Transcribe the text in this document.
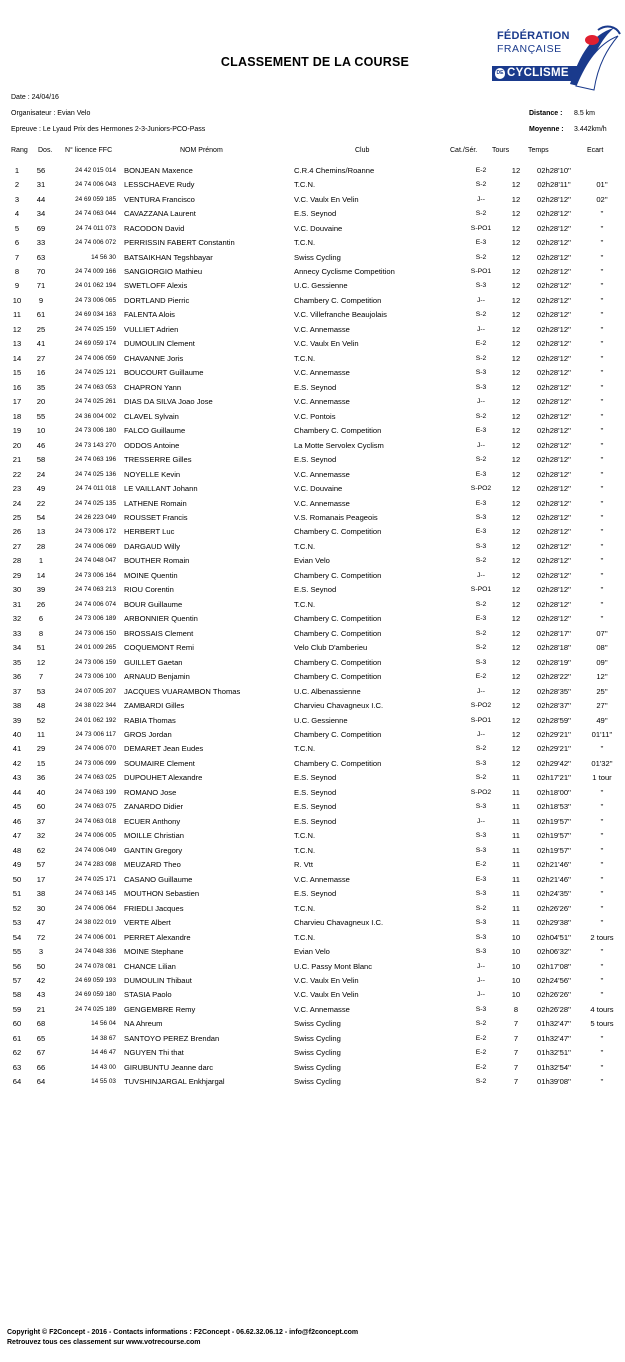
CLASSEMENT DE LA COURSE
FÉDÉRATION
FRANÇAISE
DE CYCLISME
Date : 24/04/16
Organisateur : Evian Velo
Epreuve : Le Lyaud Prix des Hermones 2-3-Juniors-PCO-Pass
Distance : 8.5 km
Moyenne : 3.442km/h
Rang Dos. N° licence FFC	NOM Prénom	Club	Cat./Sér. Tours	Temps	Ecart
1	56	24 42 015 014	BONJEAN Maxence	C.R.4 Chemins/Roanne	E-2	12	02h28'10''	
2	31	24 74 006 043	LESSCHAEVE Rudy	T.C.N.	S-2	12	02h28'11''	01''
3	44	24 69 059 185	VENTURA Francisco	V.C. Vaulx En Velin	J--	12	02h28'12''	02''
4	34	24 74 063 044	CAVAZZANA Laurent	E.S. Seynod	S-2	12	02h28'12''	''
5	69	24 74 011 073	RACODON David	V.C. Douvaine	S-PO1	12	02h28'12''	''
6	33	24 74 006 072	PERRISSIN FABERT Constantin	T.C.N.	E-3	12	02h28'12''	''
7	63	14 56 30	BATSAIKHAN Tegshbayar	Swiss Cycling	S-2	12	02h28'12''	''
8	70	24 74 009 166	SANGIORGIO Mathieu	Annecy Cyclisme Competition	S-PO1	12	02h28'12''	''
9	71	24 01 062 194	SWETLOFF Alexis	U.C. Gessienne	S-3	12	02h28'12''	''
10	9	24 73 006 065	DORTLAND Pierric	Chambery C. Competition	J--	12	02h28'12''	''
11	61	24 69 034 163	FALENTA Alois	V.C. Villefranche Beaujolais	S-2	12	02h28'12''	''
12	25	24 74 025 159	VULLIET Adrien	V.C. Annemasse	J--	12	02h28'12''	''
13	41	24 69 059 174	DUMOULIN Clement	V.C. Vaulx En Velin	E-2	12	02h28'12''	''
14	27	24 74 006 059	CHAVANNE Joris	T.C.N.	S-2	12	02h28'12''	''
15	16	24 74 025 121	BOUCOURT Guillaume	V.C. Annemasse	S-3	12	02h28'12''	''
16	35	24 74 063 053	CHAPRON Yann	E.S. Seynod	S-3	12	02h28'12''	''
17	20	24 74 025 261	DIAS DA SILVA Joao Jose	V.C. Annemasse	J--	12	02h28'12''	''
18	55	24 36 004 002	CLAVEL Sylvain	V.C. Pontois	S-2	12	02h28'12''	''
19	10	24 73 006 180	FALCO Guillaume	Chambery C. Competition	E-3	12	02h28'12''	''
20	46	24 73 143 270	ODDOS Antoine	La Motte Servolex Cyclism	J--	12	02h28'12''	''
21	58	24 74 063 196	TRESSERRE Gilles	E.S. Seynod	S-2	12	02h28'12''	''
22	24	24 74 025 136	NOYELLE Kevin	V.C. Annemasse	E-3	12	02h28'12''	''
23	49	24 74 011 018	LE VAILLANT Johann	V.C. Douvaine	S-PO2	12	02h28'12''	''
24	22	24 74 025 135	LATHENE Romain	V.C. Annemasse	E-3	12	02h28'12''	''
25	54	24 26 223 049	ROUSSET Francis	V.S. Romanais Peageois	S-3	12	02h28'12''	''
26	13	24 73 006 172	HERBERT Luc	Chambery C. Competition	E-3	12	02h28'12''	''
27	28	24 74 006 069	DARGAUD Willy	T.C.N.	S-3	12	02h28'12''	''
28	1	24 74 048 047	BOUTHER Romain	Evian Velo	S-2	12	02h28'12''	''
29	14	24 73 006 164	MOINE Quentin	Chambery C. Competition	J--	12	02h28'12''	''
30	39	24 74 063 213	RIOU Corentin	E.S. Seynod	S-PO1	12	02h28'12''	''
31	26	24 74 006 074	BOUR Guillaume	T.C.N.	S-2	12	02h28'12''	''
32	6	24 73 006 189	ARBONNIER Quentin	Chambery C. Competition	E-3	12	02h28'12''	''
33	8	24 73 006 150	BROSSAIS Clement	Chambery C. Competition	S-2	12	02h28'17''	07''
34	51	24 01 009 265	COQUEMONT Remi	Velo Club D'amberieu	S-2	12	02h28'18''	08''
35	12	24 73 006 159	GUILLET Gaetan	Chambery C. Competition	S-3	12	02h28'19''	09''
36	7	24 73 006 100	ARNAUD Benjamin	Chambery C. Competition	E-2	12	02h28'22''	12''
37	53	24 07 005 207	JACQUES VUARAMBON Thomas	U.C. Albenassienne	J--	12	02h28'35''	25''
38	48	24 38 022 344	ZAMBARDI Gilles	Charvieu Chavagneux I.C.	S-PO2	12	02h28'37''	27''
39	52	24 01 062 192	RABIA Thomas	U.C. Gessienne	S-PO1	12	02h28'59''	49''
40	11	24 73 006 117	GROS Jordan	Chambery C. Competition	J--	12	02h29'21''	01'11''
41	29	24 74 006 070	DEMARET Jean Eudes	T.C.N.	S-2	12	02h29'21''	''
42	15	24 73 006 099	SOUMAIRE Clement	Chambery C. Competition	S-3	12	02h29'42''	01'32''
43	36	24 74 063 025	DUPOUHET Alexandre	E.S. Seynod	S-2	11	02h17'21''	1 tour
44	40	24 74 063 199	ROMANO Jose	E.S. Seynod	S-PO2	11	02h18'00''	''
45	60	24 74 063 075	ZANARDO Didier	E.S. Seynod	S-3	11	02h18'53''	''
46	37	24 74 063 018	ECUER Anthony	E.S. Seynod	J--	11	02h19'57''	''
47	32	24 74 006 005	MOILLE Christian	T.C.N.	S-3	11	02h19'57''	''
48	62	24 74 006 049	GANTIN Gregory	T.C.N.	S-3	11	02h19'57''	''
49	57	24 74 283 098	MEUZARD Theo	R. Vtt	E-2	11	02h21'46''	''
50	17	24 74 025 171	CASANO Guillaume	V.C. Annemasse	E-3	11	02h21'46''	''
51	38	24 74 063 145	MOUTHON Sebastien	E.S. Seynod	S-3	11	02h24'35''	''
52	30	24 74 006 064	FRIEDLI Jacques	T.C.N.	S-2	11	02h26'26''	''
53	47	24 38 022 019	VERTE Albert	Charvieu Chavagneux I.C.	S-3	11	02h29'38''	''
54	72	24 74 006 001	PERRET Alexandre	T.C.N.	S-3	10	02h04'51''	2 tours
55	3	24 74 048 336	MOINE Stephane	Evian Velo	S-3	10	02h06'32''	''
56	50	24 74 078 081	CHANCE Lilian	U.C. Passy Mont Blanc	J--	10	02h17'08''	''
57	42	24 69 059 193	DUMOULIN Thibaut	V.C. Vaulx En Velin	J--	10	02h24'56''	''
58	43	24 69 059 180	STASIA Paolo	V.C. Vaulx En Velin	J--	10	02h26'26''	''
59	21	24 74 025 189	GENGEMBRE Remy	V.C. Annemasse	S-3	8	02h26'28''	4 tours
60	68	14 56 04	NA Ahreum	Swiss Cycling	S-2	7	01h32'47''	5 tours
61	65	14 38 67	SANTOYO PEREZ Brendan	Swiss Cycling	E-2	7	01h32'47''	''
62	67	14 46 47	NGUYEN Thi that	Swiss Cycling	E-2	7	01h32'51''	''
63	66	14 43 00	GIRUBUNTU Jeanne darc	Swiss Cycling	E-2	7	01h32'54''	''
64	64	14 55 03	TUVSHINJARGAL Enkhjargal	Swiss Cycling	S-2	7	01h39'08''	''
Copyright © F2Concept - 2016 - Contacts informations : F2Concept - 06.62.32.06.12 - info@f2concept.com
Retrouvez tous ces classement sur www.votrecourse.com
